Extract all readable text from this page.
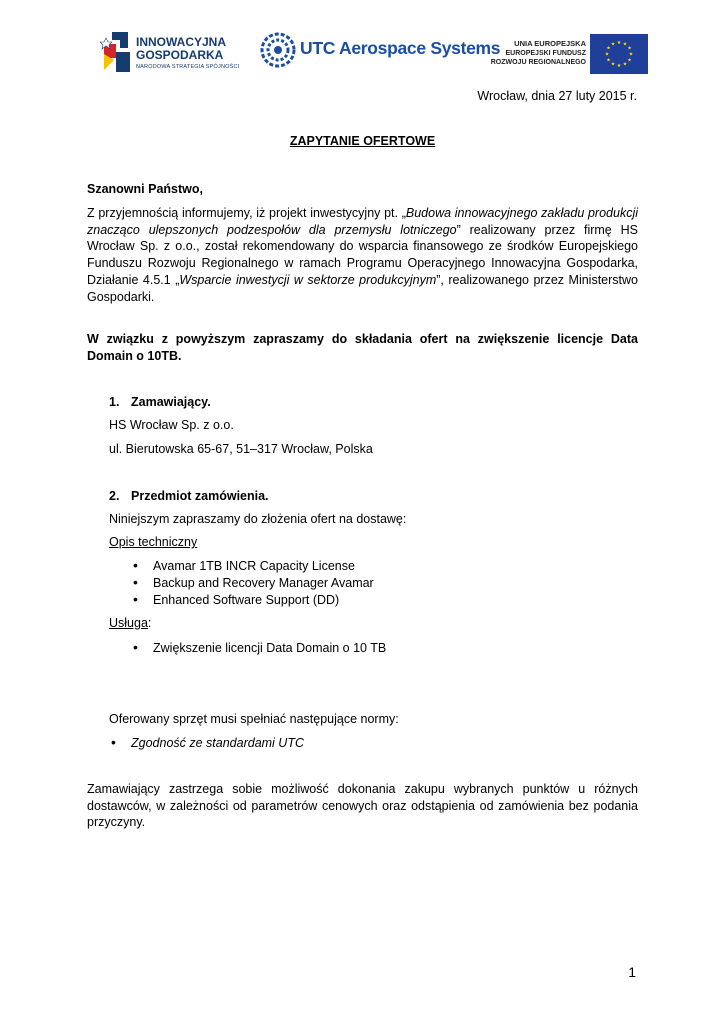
INNOWACYJNA
GOSPODARKA
NARODOWA STRATEGIA SPÓJNOŚCI
UTC Aerospace Systems	UNIA EUROPEJSKA
EUROPEJSKI FUNDUSZ
ROZWOJU REGIONALNEGO
★ ★
★
★
★
★
★
★
★
★
★
★
Wrocław, dnia 27 luty 2015 r.
ZAPYTANIE OFERTOWE
Szanowni Państwo,
Z przyjemnością informujemy, iż projekt inwestycyjny pt. „Budowa innowacyjnego zakładu produkcji znacząco ulepszonych podzespołów dla przemysłu lotniczego” realizowany przez firmę HS Wrocław Sp. z o.o., został rekomendowany do wsparcia finansowego ze środków Europejskiego Funduszu Rozwoju Regionalnego w ramach Programu Operacyjnego Innowacyjna Gospodarka, Działanie 4.5.1 „Wsparcie inwestycji w sektorze produkcyjnym”, realizowanego przez Ministerstwo Gospodarki.
W związku z powyższym zapraszamy do składania ofert na zwiększenie licencje Data Domain o 10TB.
1. Zamawiający.
HS Wrocław Sp. z o.o.
ul. Bierutowska 65-67, 51–317 Wrocław, Polska
2. Przedmiot zamówienia.
Niniejszym zapraszamy do złożenia ofert na dostawę:
Opis techniczny
• Avamar 1TB INCR Capacity License
• Backup and Recovery Manager Avamar
• Enhanced Software Support (DD)
Usługa:
• Zwiększenie licencji Data Domain o 10 TB
Oferowany sprzęt musi spełniać następujące normy:
• Zgodność ze standardami UTC
Zamawiający zastrzega sobie możliwość dokonania zakupu wybranych punktów u różnych dostawców, w zależności od parametrów cenowych oraz odstąpienia od zamówienia bez podania przyczyny.
1
